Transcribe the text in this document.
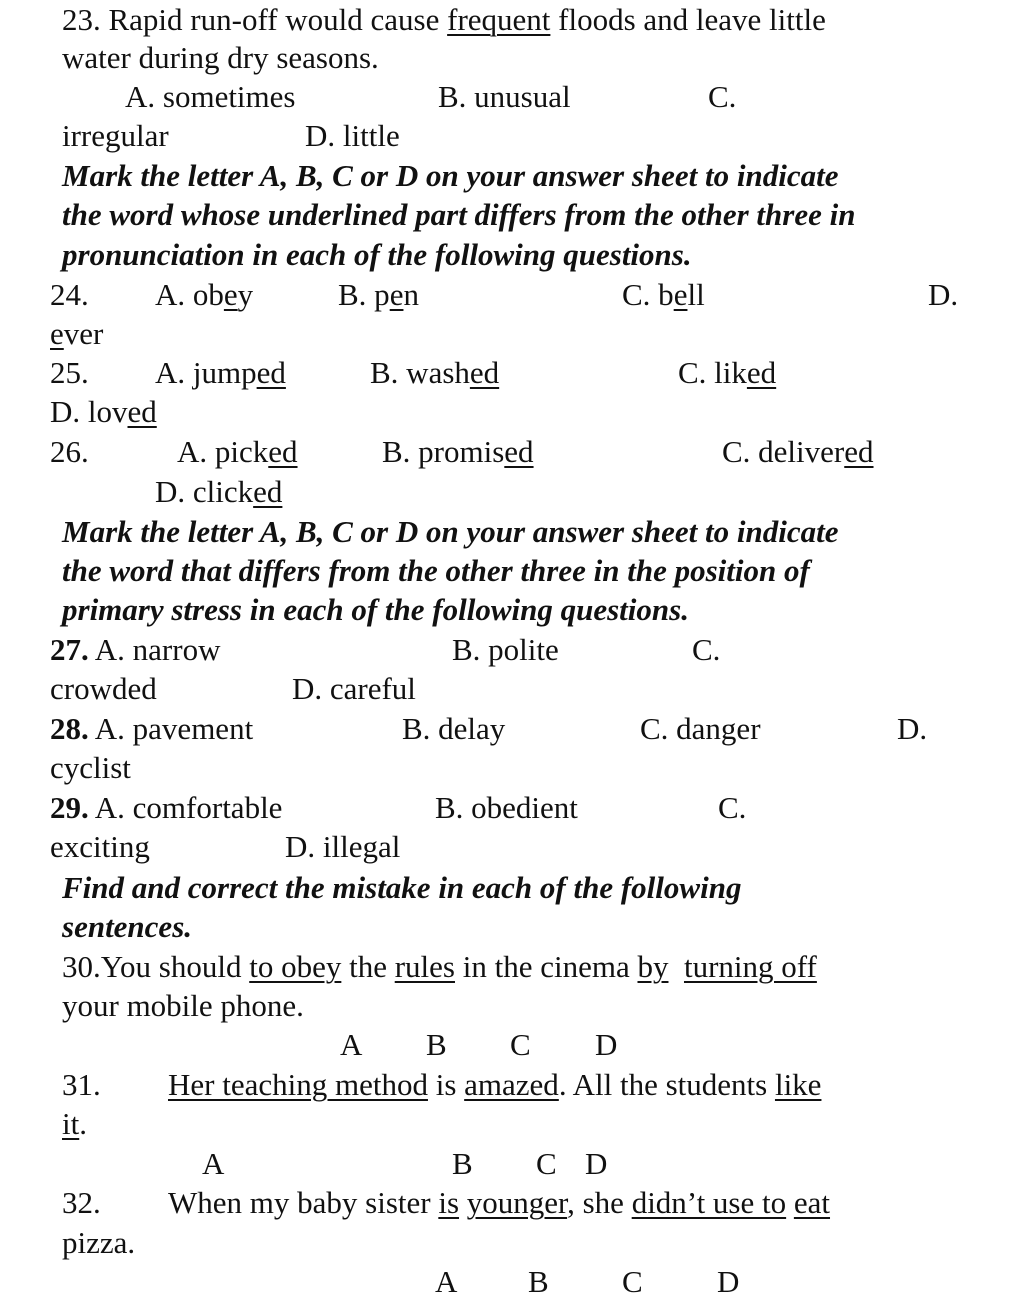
23. Rapid run-off would cause frequent floods and leave little
water during dry seasons.
A. sometimes	B. unusual	C.
irregular	D. little
Mark the letter A, B, C or D on your answer sheet to indicate
the word whose underlined part differs from the other three in
pronunciation in each of the following questions.
24. A. obey	B. pen	C. bell	D.
ever
25. A. jumped	B. washed	C. liked
D. loved
26.	A. picked	B. promised	C. delivered
D. clicked
Mark the letter A, B, C or D on your answer sheet to indicate
the word that differs from the other three in the position of
primary stress in each of the following questions.
27. A. narrow	B. polite	C.
crowded	D. careful
28. A. pavement	B. delay	C. danger	D.
cyclist
29. A. comfortable	B. obedient	C.
exciting	D. illegal
Find and correct the mistake in each of the following
sentences.
30.You should to obey the rules in the cinema by turning off
your mobile phone.
A B C D
31. Her teaching method is amazed. All the students like
it.
A	B C D
32. When my baby sister is younger, she didn’t use to eat
pizza.
A B C D
